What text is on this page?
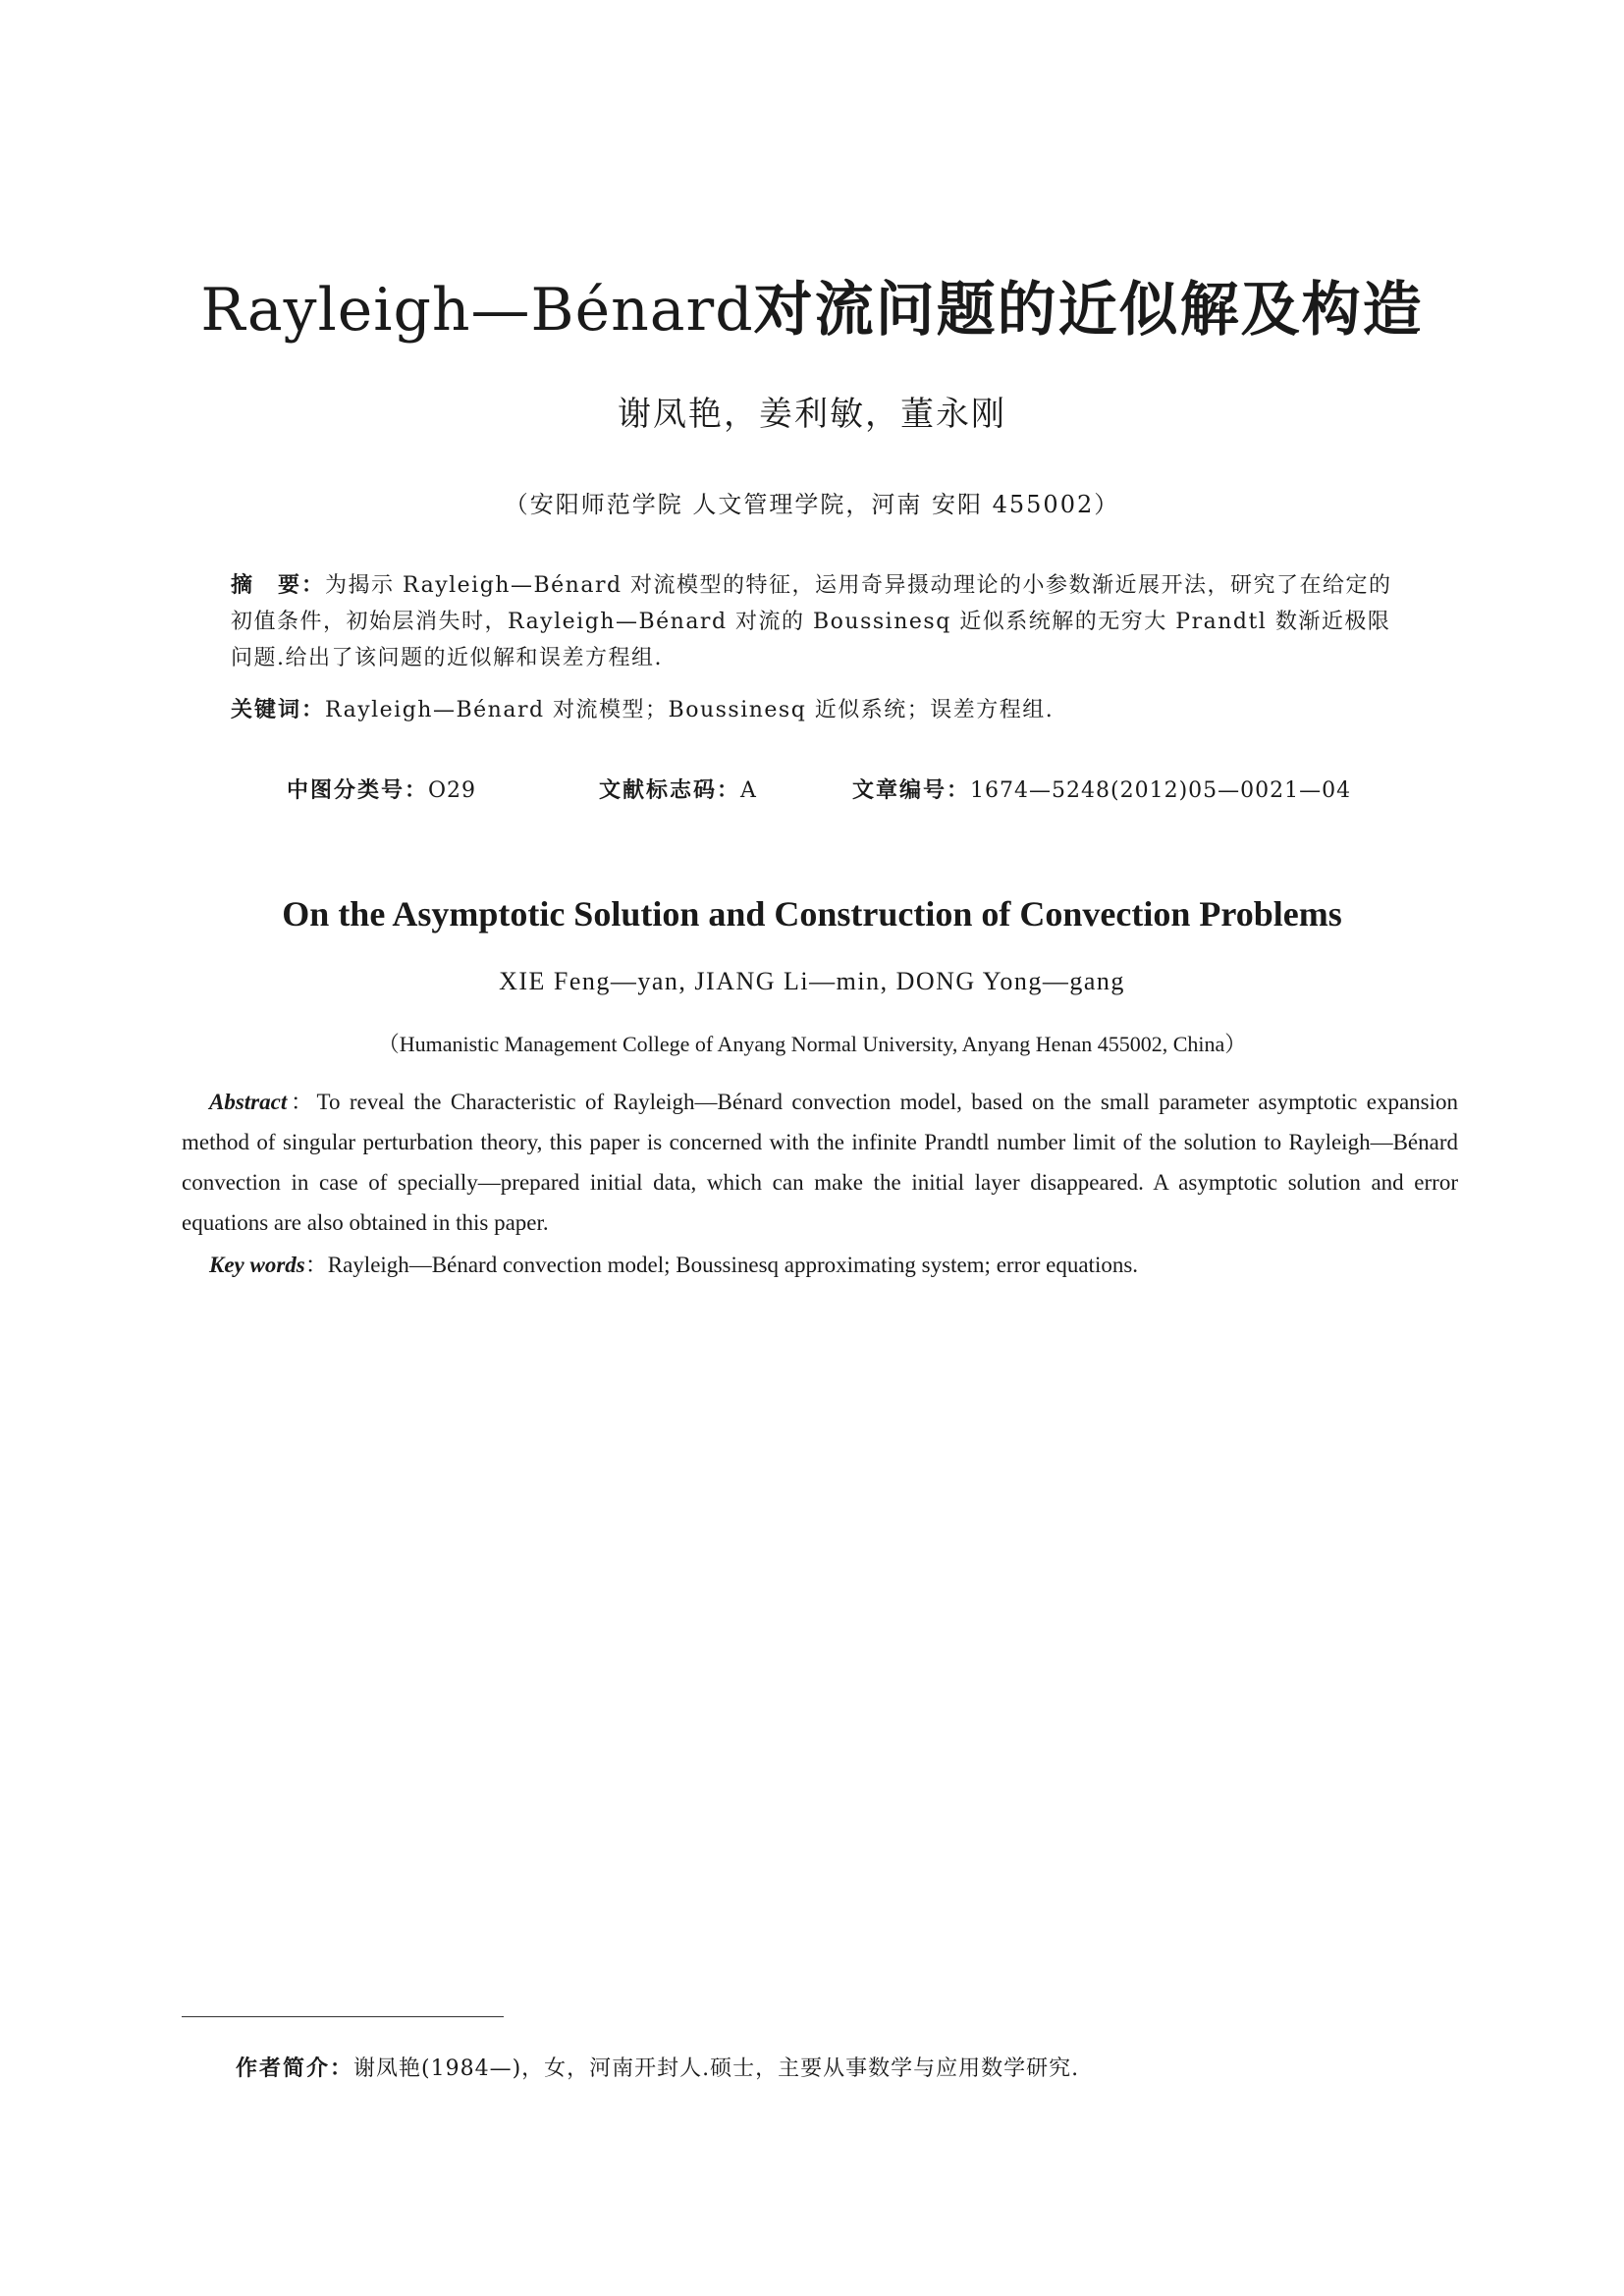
Rayleigh—Bénard对流问题的近似解及构造
谢凤艳，姜利敏，董永刚
（安阳师范学院 人文管理学院，河南 安阳 455002）
摘　要：为揭示 Rayleigh—Bénard 对流模型的特征，运用奇异摄动理论的小参数渐近展开法，研究了在给定的初值条件，初始层消失时，Rayleigh—Bénard 对流的 Boussinesq 近似系统解的无穷大 Prandtl 数渐近极限问题.给出了该问题的近似解和误差方程组.
关键词：Rayleigh—Bénard 对流模型；Boussinesq 近似系统；误差方程组.
中图分类号：O29	文献标志码：A	文章编号：1674—5248(2012)05—0021—04
On the Asymptotic Solution and Construction of Convection Problems
XIE Feng—yan, JIANG Li—min, DONG Yong—gang
（Humanistic Management College of Anyang Normal University, Anyang Henan 455002, China）
Abstract：To reveal the Characteristic of Rayleigh—Bénard convection model, based on the small parameter asymptotic expansion method of singular perturbation theory, this paper is concerned with the infinite Prandtl number limit of the solution to Rayleigh—Bénard convection in case of specially—prepared initial data, which can make the initial layer disappeared. A asymptotic solution and error equations are also obtained in this paper.
Key words：Rayleigh—Bénard convection model; Boussinesq approximating system; error equations.
作者简介：谢凤艳(1984—)，女，河南开封人.硕士，主要从事数学与应用数学研究.
